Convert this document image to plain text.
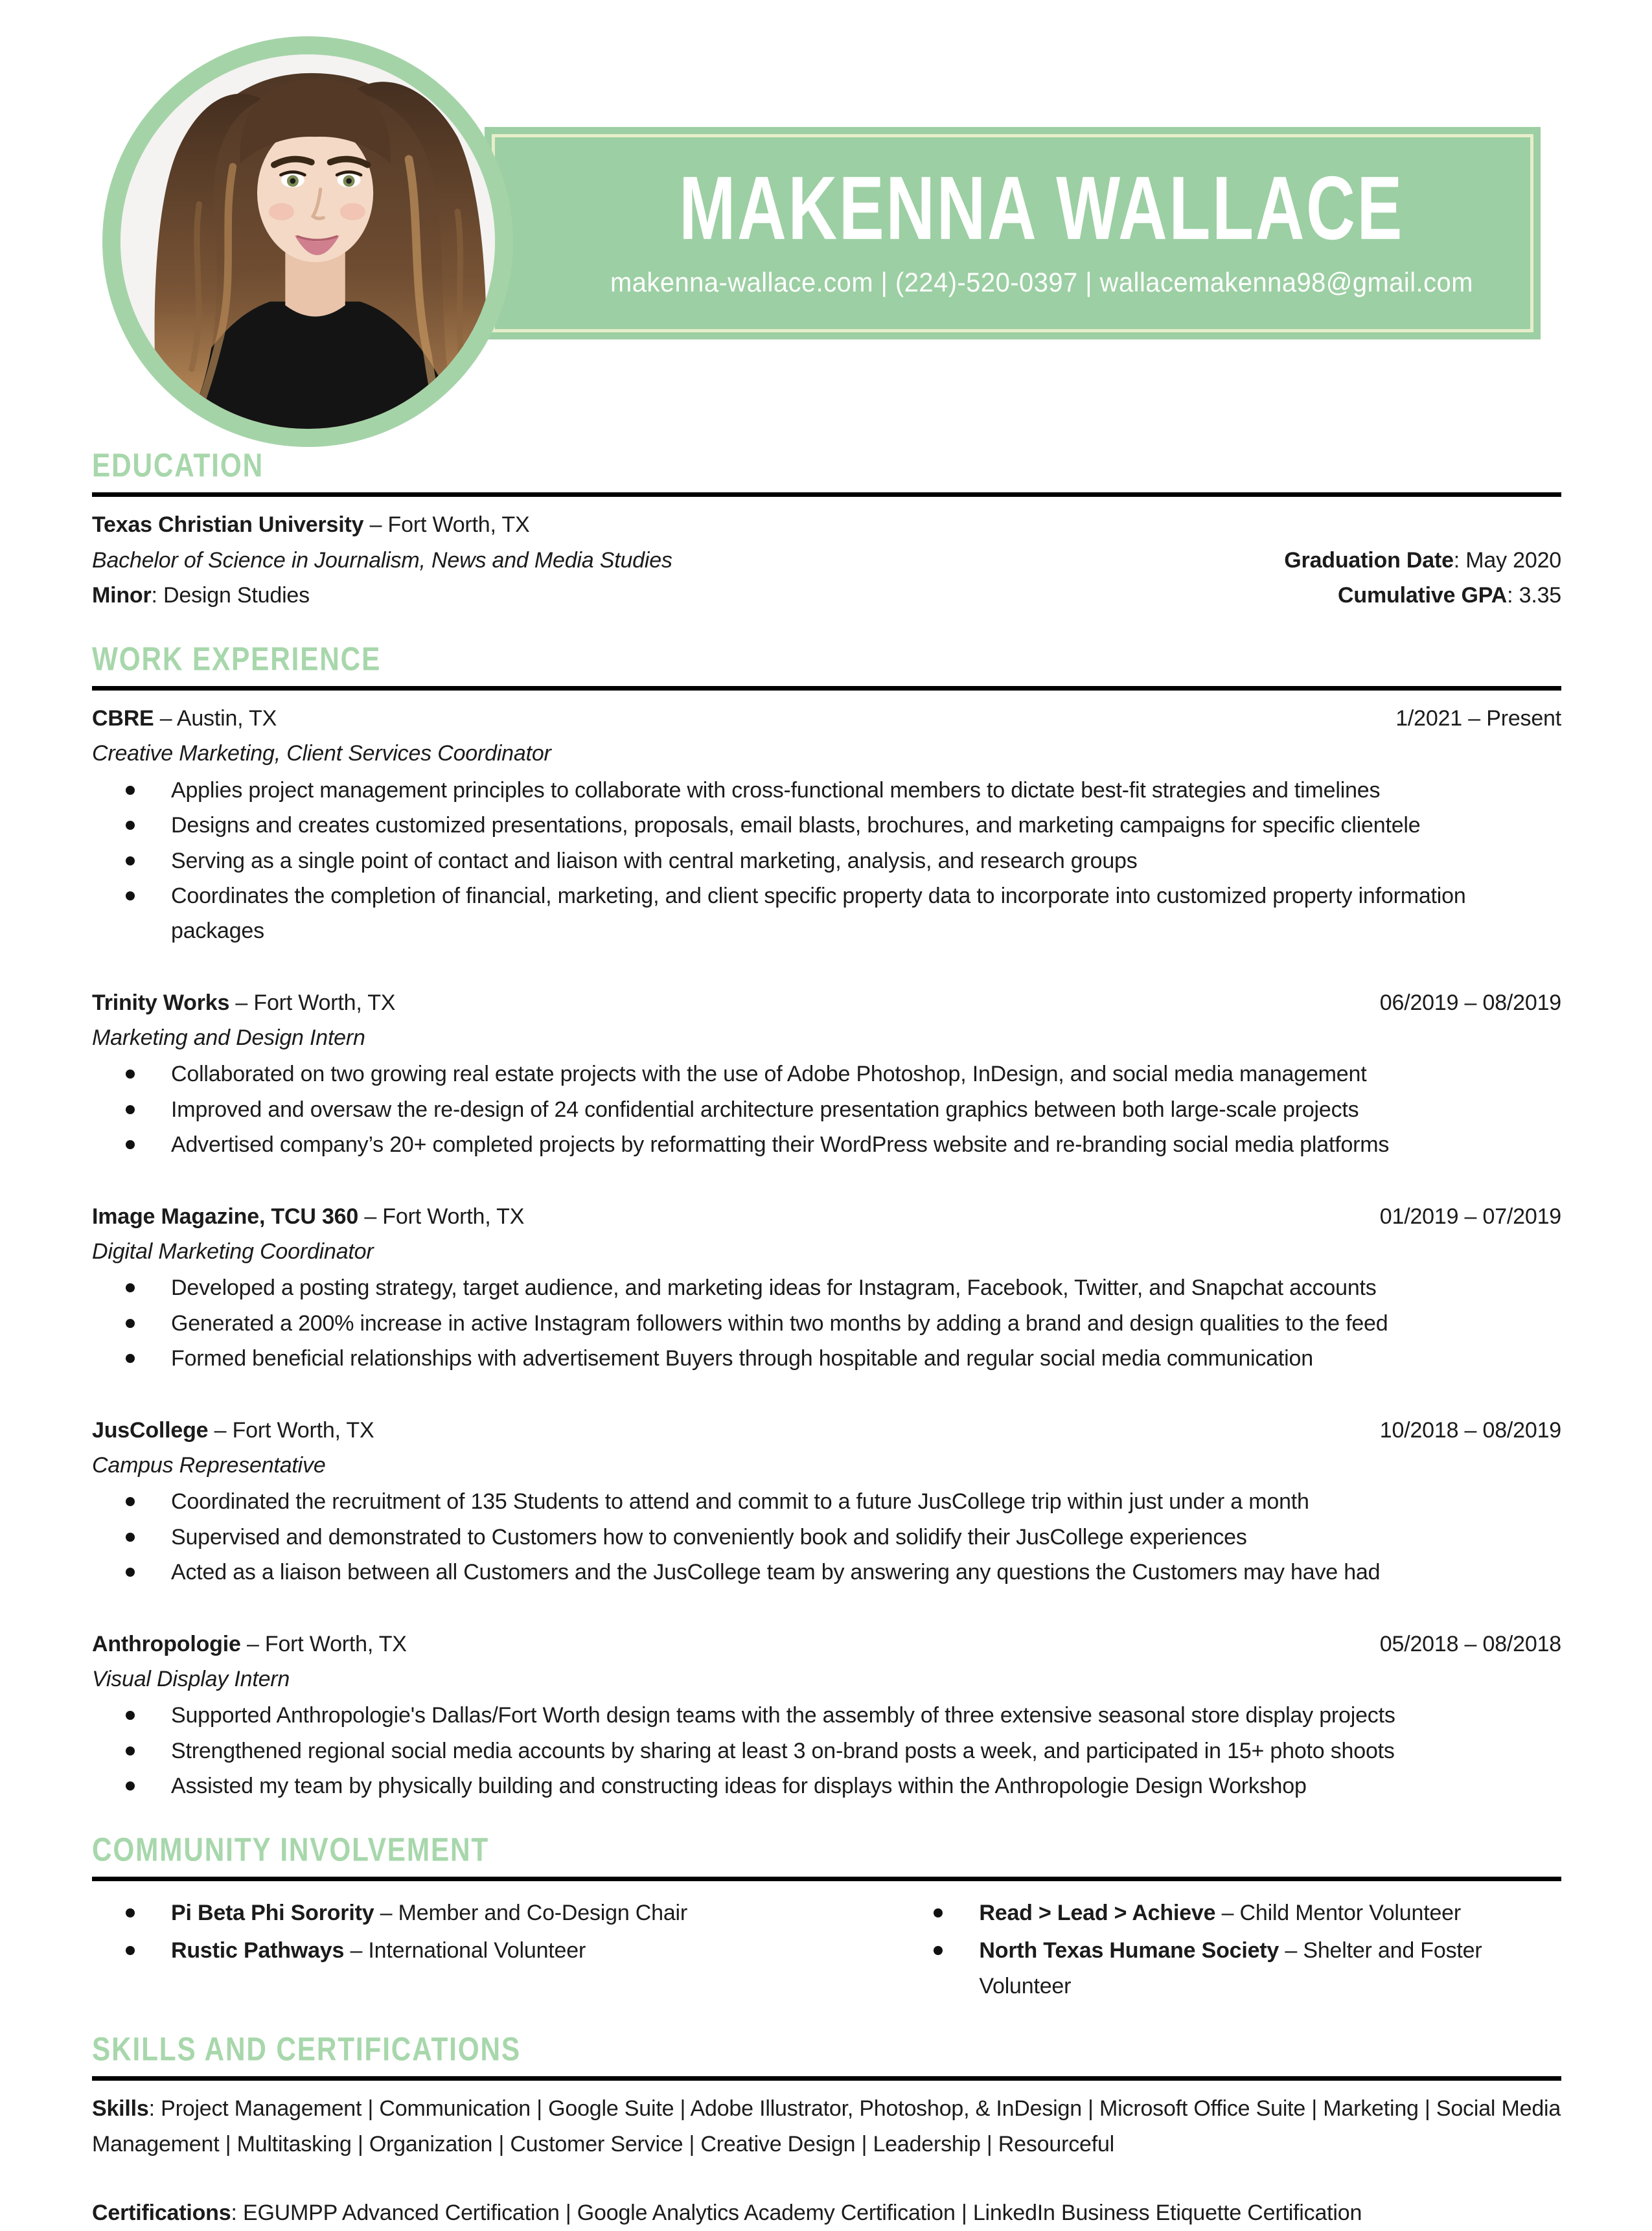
MAKENNA WALLACE
makenna-wallace.com | (224)-520-0397 | wallacemakenna98@gmail.com
EDUCATION
Texas Christian University – Fort Worth, TX
Bachelor of Science in Journalism, News and Media Studies	Graduation Date: May 2020
Minor: Design Studies	Cumulative GPA: 3.35
WORK EXPERIENCE
CBRE – Austin, TX	1/2021 – Present
Creative Marketing, Client Services Coordinator
Applies project management principles to collaborate with cross-functional members to dictate best-fit strategies and timelines
Designs and creates customized presentations, proposals, email blasts, brochures, and marketing campaigns for specific clientele
Serving as a single point of contact and liaison with central marketing, analysis, and research groups
Coordinates the completion of financial, marketing, and client specific property data to incorporate into customized property information packages
Trinity Works – Fort Worth, TX	06/2019 – 08/2019
Marketing and Design Intern
Collaborated on two growing real estate projects with the use of Adobe Photoshop, InDesign, and social media management
Improved and oversaw the re-design of 24 confidential architecture presentation graphics between both large-scale projects
Advertised company’s 20+ completed projects by reformatting their WordPress website and re-branding social media platforms
Image Magazine, TCU 360 – Fort Worth, TX	01/2019 – 07/2019
Digital Marketing Coordinator
Developed a posting strategy, target audience, and marketing ideas for Instagram, Facebook, Twitter, and Snapchat accounts
Generated a 200% increase in active Instagram followers within two months by adding a brand and design qualities to the feed
Formed beneficial relationships with advertisement Buyers through hospitable and regular social media communication
JusCollege – Fort Worth, TX	10/2018 – 08/2019
Campus Representative
Coordinated the recruitment of 135 Students to attend and commit to a future JusCollege trip within just under a month
Supervised and demonstrated to Customers how to conveniently book and solidify their JusCollege experiences
Acted as a liaison between all Customers and the JusCollege team by answering any questions the Customers may have had
Anthropologie – Fort Worth, TX	05/2018 – 08/2018
Visual Display Intern
Supported Anthropologie's Dallas/Fort Worth design teams with the assembly of three extensive seasonal store display projects
Strengthened regional social media accounts by sharing at least 3 on-brand posts a week, and participated in 15+ photo shoots
Assisted my team by physically building and constructing ideas for displays within the Anthropologie Design Workshop
COMMUNITY INVOLVEMENT
Pi Beta Phi Sorority – Member and Co-Design Chair
Rustic Pathways – International Volunteer
Read > Lead > Achieve – Child Mentor Volunteer
North Texas Humane Society – Shelter and Foster Volunteer
SKILLS AND CERTIFICATIONS

Skills: Project Management | Communication | Google Suite | Adobe Illustrator, Photoshop, & InDesign | Microsoft Office Suite | Marketing | Social Media Management | Multitasking | Organization | Customer Service | Creative Design | Leadership | Resourceful

Certifications: EGUMPP Advanced Certification | Google Analytics Academy Certification | LinkedIn Business Etiquette Certification
